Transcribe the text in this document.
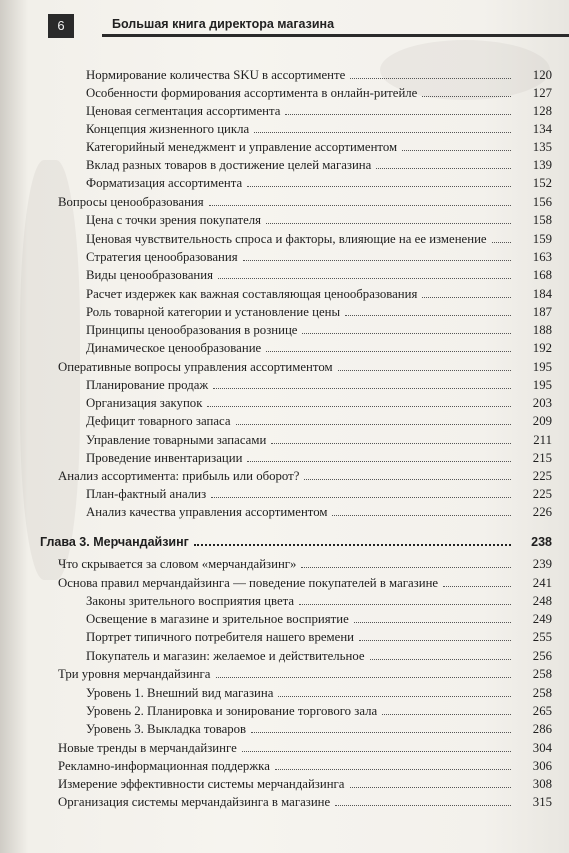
6	Большая книга директора магазина
Нормирование количества SKU в ассортименте	120
Особенности формирования ассортимента в онлайн-ритейле	127
Ценовая сегментация ассортимента	128
Концепция жизненного цикла	134
Категорийный менеджмент и управление ассортиментом	135
Вклад разных товаров в достижение целей магазина	139
Форматизация ассортимента	152
Вопросы ценообразования	156
Цена с точки зрения покупателя	158
Ценовая чувствительность спроса и факторы, влияющие на ее изменение	159
Стратегия ценообразования	163
Виды ценообразования	168
Расчет издержек как важная составляющая ценообразования	184
Роль товарной категории и установление цены	187
Принципы ценообразования в рознице	188
Динамическое ценообразование	192
Оперативные вопросы управления ассортиментом	195
Планирование продаж	195
Организация закупок	203
Дефицит товарного запаса	209
Управление товарными запасами	211
Проведение инвентаризации	215
Анализ ассортимента: прибыль или оборот?	225
План-фактный анализ	225
Анализ качества управления ассортиментом	226
Глава 3. Мерчандайзинг	238
Что скрывается за словом «мерчандайзинг»	239
Основа правил мерчандайзинга — поведение покупателей в магазине	241
Законы зрительного восприятия цвета	248
Освещение в магазине и зрительное восприятие	249
Портрет типичного потребителя нашего времени	255
Покупатель и магазин: желаемое и действительное	256
Три уровня мерчандайзинга	258
Уровень 1. Внешний вид магазина	258
Уровень 2. Планировка и зонирование торгового зала	265
Уровень 3. Выкладка товаров	286
Новые тренды в мерчандайзинге	304
Рекламно-информационная поддержка	306
Измерение эффективности системы мерчандайзинга	308
Организация системы мерчандайзинга в магазине	315
